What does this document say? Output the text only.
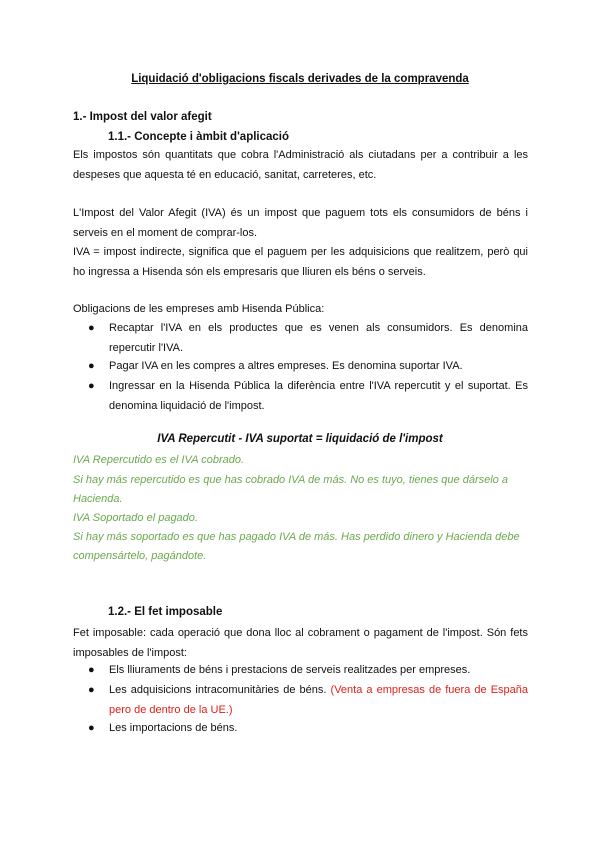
Liquidació d'obligacions fiscals derivades de la compravenda
1.- Impost del valor afegit
1.1.- Concepte i àmbit d'aplicació
Els impostos són quantitats que cobra l'Administració als ciutadans per a contribuir a les despeses que aquesta té en educació, sanitat, carreteres, etc.
L'Impost del Valor Afegit (IVA) és un impost que paguem tots els consumidors de béns i serveis en el moment de comprar-los.
IVA = impost indirecte, significa que el paguem per les adquisicions que realitzem, però qui ho ingressa a Hisenda són els empresaris que lliuren els béns o serveis.
Obligacions de les empreses amb Hisenda Pública:
●	Recaptar l'IVA en els productes que es venen als consumidors. Es denomina repercutir l'IVA.
●	Pagar IVA en les compres a altres empreses. Es denomina suportar IVA.
●	Ingressar en la Hisenda Pública la diferència entre l'IVA repercutit y el suportat. Es denomina liquidació de l'impost.
IVA Repercutit - IVA suportat = liquidació de l'impost
IVA Repercutido es el IVA cobrado.
Si hay más repercutido es que has cobrado IVA de más. No es tuyo, tienes que dárselo a Hacienda.
IVA Soportado el pagado.
Si hay más soportado es que has pagado IVA de más. Has perdido dinero y Hacienda debe compensártelo, pagándote.
1.2.- El fet imposable
Fet imposable: cada operació que dona lloc al cobrament o pagament de l'impost. Són fets imposables de l'impost:
●	Els lliuraments de béns i prestacions de serveis realitzades per empreses.
●	Les adquisicions intracomunitàries de béns. (Venta a empresas de fuera de España pero de dentro de la UE.)
●	Les importacions de béns.
